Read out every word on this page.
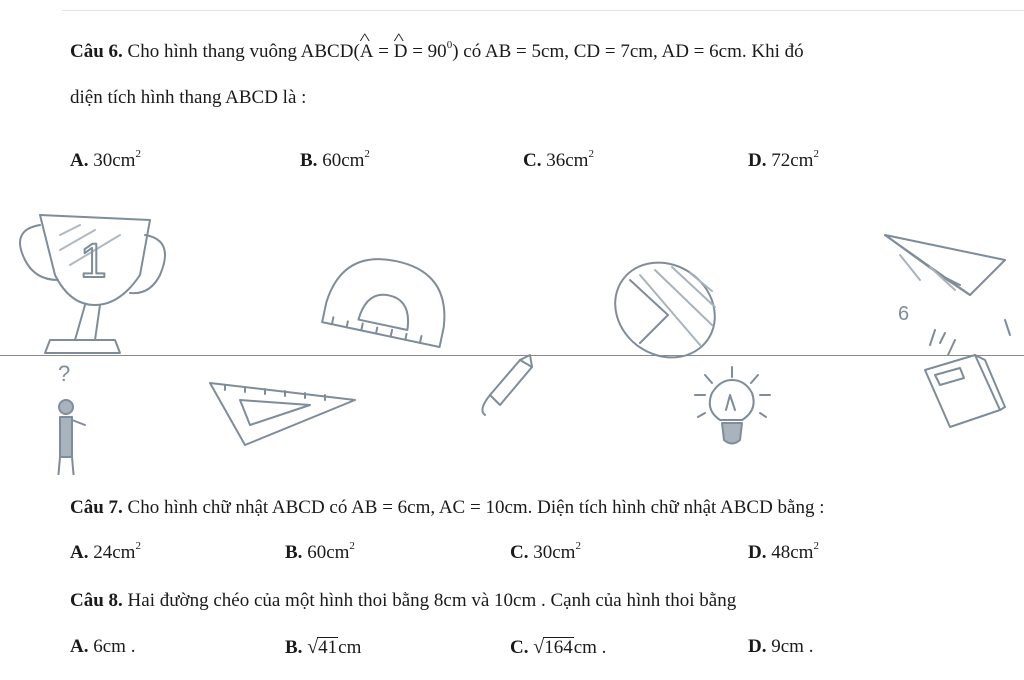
Câu 6. Cho hình thang vuông ABCD(^ A = ^ $D = 90^0$) có AB = 5cm, CD = 7cm, AD = 6cm. Khi đó
diện tích hình thang ABCD là :
A. $30cm^2$	B. $60cm^2$	C. $36cm^2$	D. $72cm^2$
1
6
?
Câu 7. Cho hình chữ nhật ABCD có AB = 6cm, AC = 10cm. Diện tích hình chữ nhật ABCD bằng :
A. $24cm^2$	B. $60cm^2$	C. $30cm^2$	D. $48cm^2$
Câu 8. Hai đường chéo của một hình thoi bằng 8cm và 10cm . Cạnh của hình thoi bằng
A. 6cm .	B. √41cm	C. √164cm .	D. 9cm .
